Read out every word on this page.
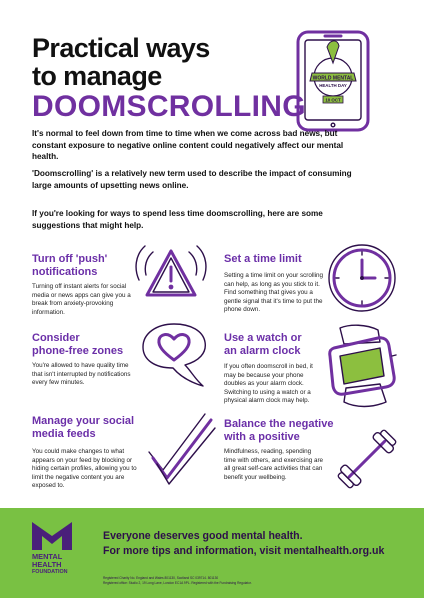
Practical ways
to manage
DOOMSCROLLING
WORLD MENTAL
HEALTH DAY
10 OCT
It's normal to feel down from time to time when we come across bad news, but constant exposure to negative online content could negatively affect our mental health.
'Doomscrolling' is a relatively new term used to describe the impact of consuming large amounts of upsetting news online.
If you're looking for ways to spend less time doomscrolling, here are some suggestions that might help.
Turn off 'push'
notifications
Turning off instant alerts for social media or news apps can give you a break from anxiety-provoking information.
Set a time limit
Setting a time limit on your scrolling can help, as long as you stick to it. Find something that gives you a gentle signal that it's time to put the phone down.
Consider
phone-free zones
You're allowed to have quality time that isn't interrupted by notifications every few minutes.
Use a watch or
an alarm clock
If you often doomscroll in bed, it may be because your phone doubles as your alarm clock. Switching to using a watch or a physical alarm clock may help.
Manage your social
media feeds
You could make changes to what appears on your feed by blocking or hiding certain profiles, allowing you to limit the negative content you are exposed to.
Balance the negative
with a positive
Mindfulness, reading, spending time with others, and exercising are all great self-care activities that can benefit your wellbeing.
MENTAL
HEALTH
FOUNDATION
Everyone deserves good mental health.
For more tips and information, visit mentalhealth.org.uk
Registered Charity No. England and Wales 801130, Scotland SC 039714. 801130
Registered office: Studio 2, 19 Long Lane, London EC1A 9PL. Registered with the Fundraising Regulator.
